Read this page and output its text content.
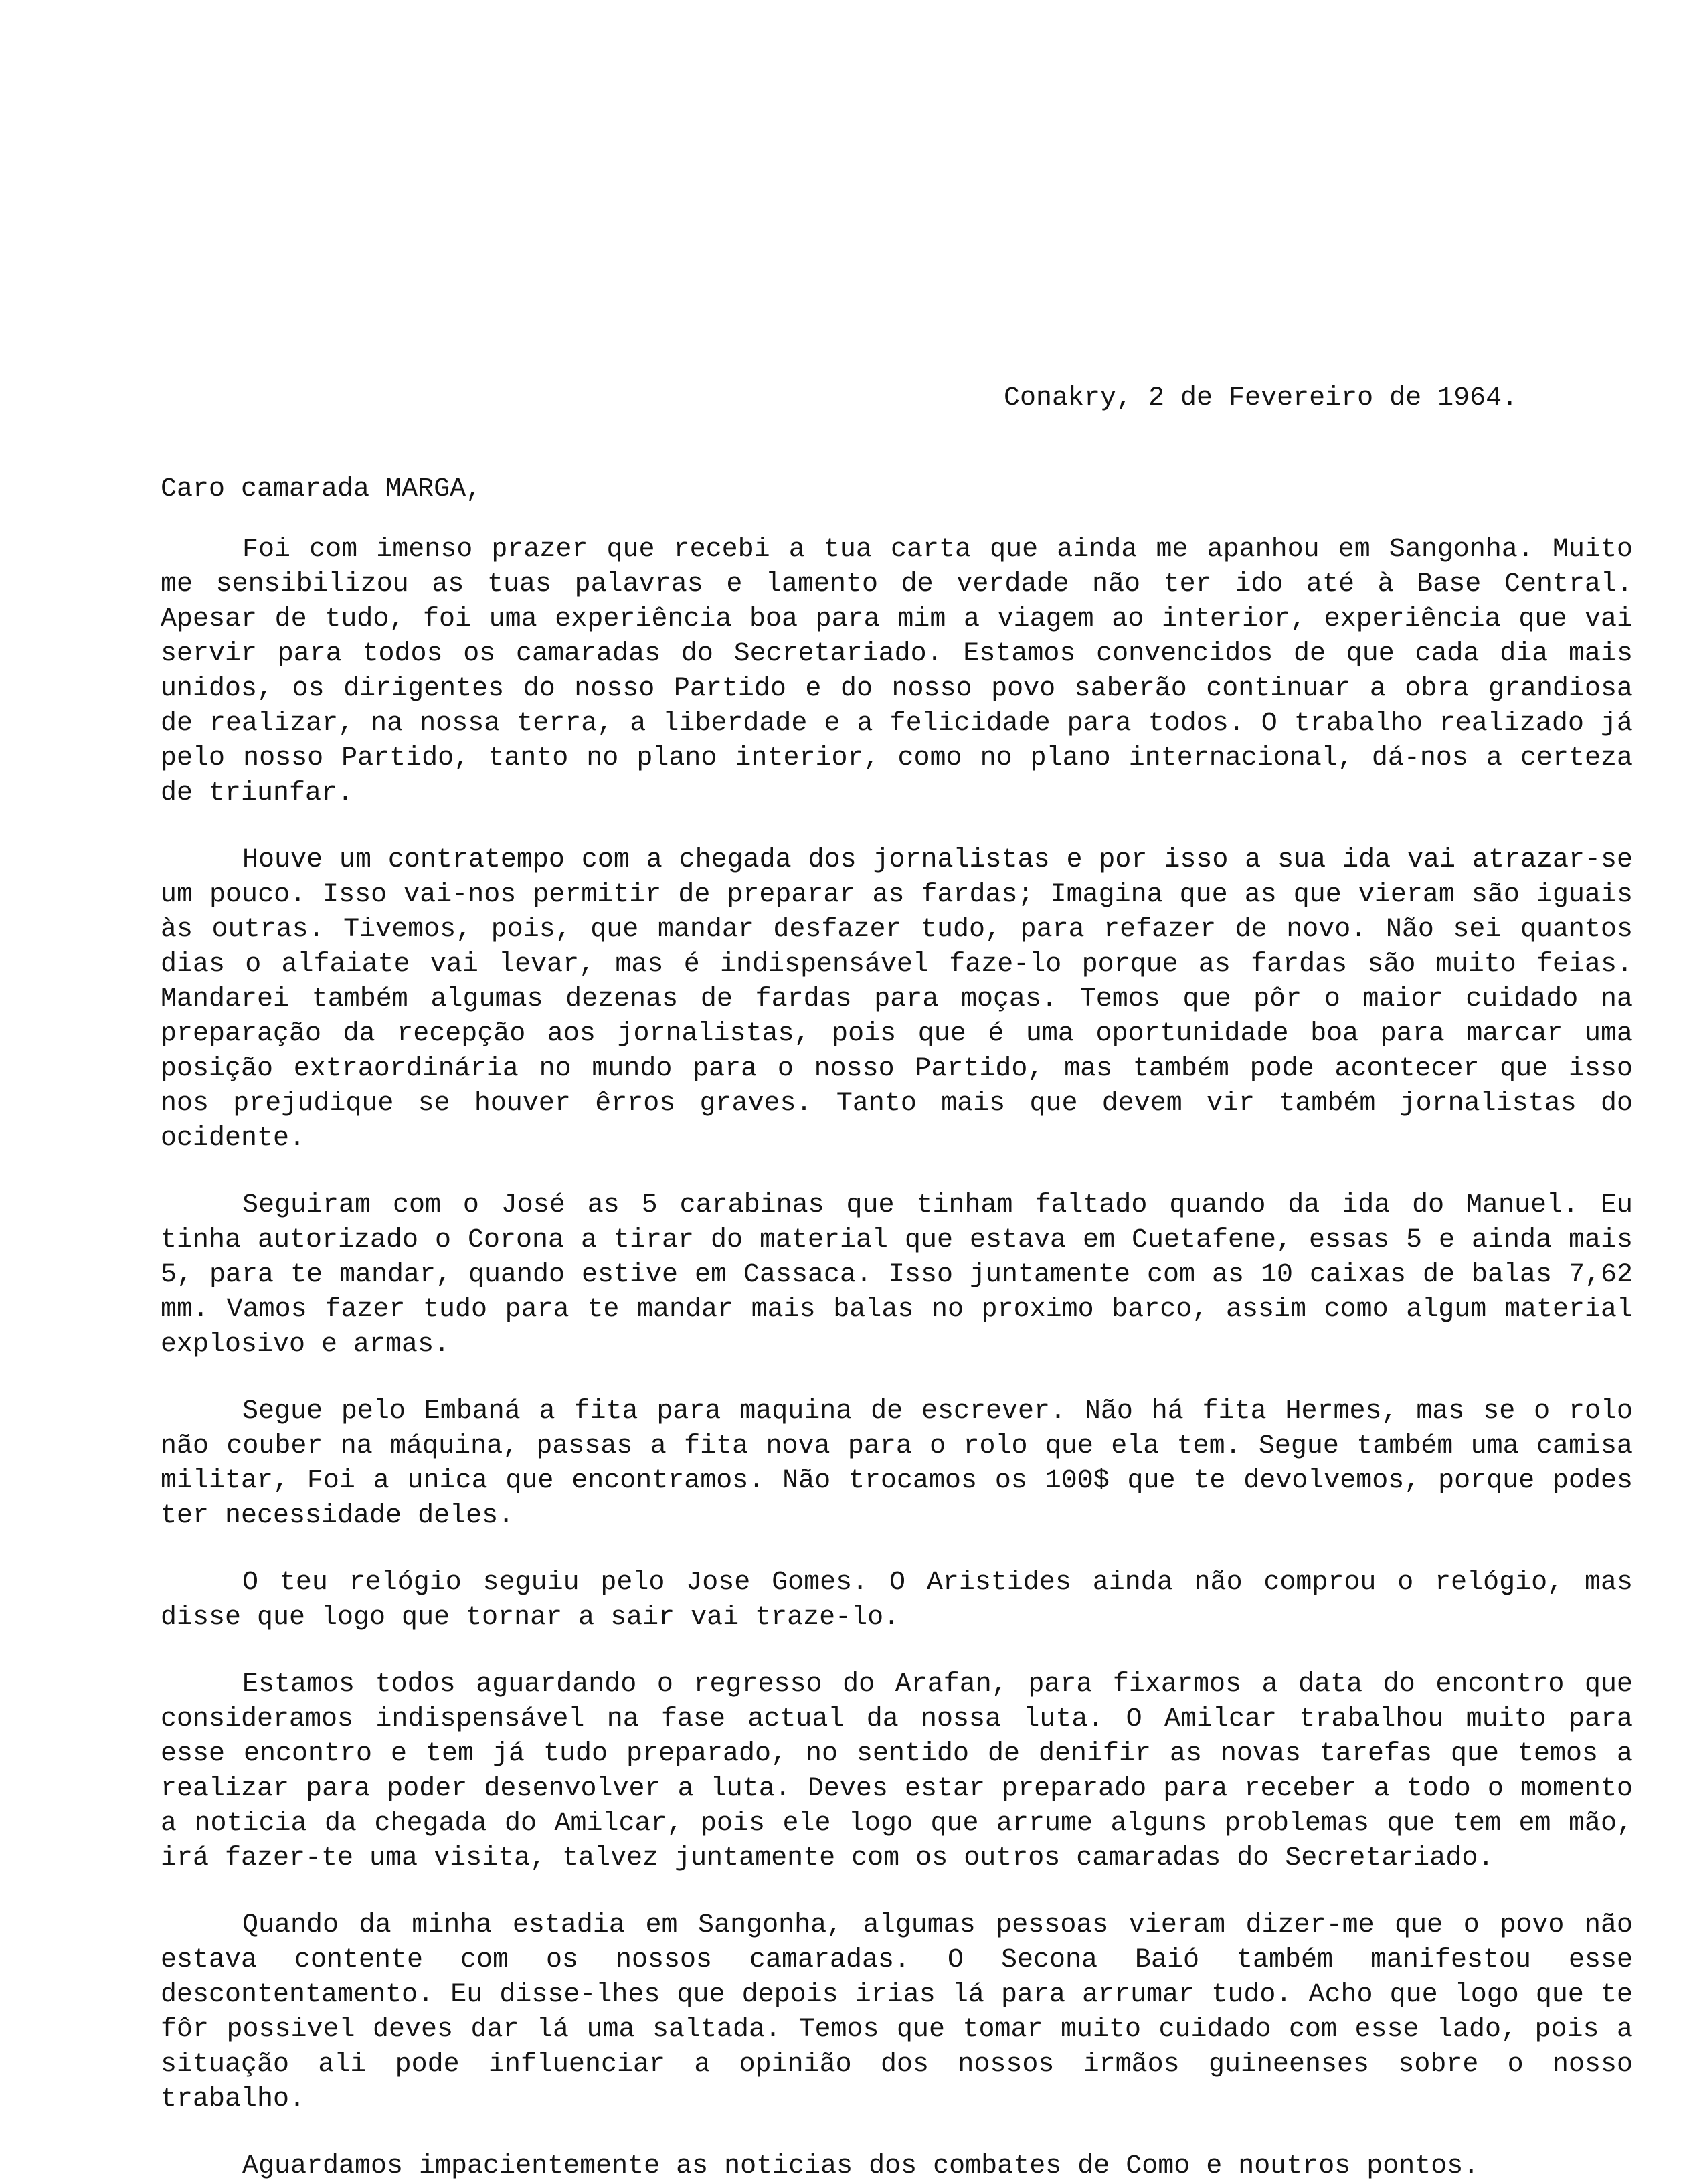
Conakry, 2 de Fevereiro de 1964.
Caro camarada MARGA,

Foi com imenso prazer que recebi a tua carta que ainda me apanhou em Sangonha. Muito me sensibilizou as tuas palavras e lamento de verdade não ter ido até à Base Central. Apesar de tudo, foi uma experiência boa para mim a viagem ao interior, experiência que vai servir para todos os camaradas do Secretariado. Estamos convencidos de que cada dia mais unidos, os dirigentes do nosso Partido e do nosso povo saberão continuar a obra grandiosa de realizar, na nossa terra, a liberdade e a felicidade para todos. O trabalho realizado já pelo nosso Partido, tanto no plano interior, como no plano internacional, dá-nos a certeza de triunfar.

Houve um contratempo com a chegada dos jornalistas e por isso a sua ida vai atrazar-se um pouco. Isso vai-nos permitir de preparar as fardas; Imagina que as que vieram são iguais às outras. Tivemos, pois, que mandar desfazer tudo, para refazer de novo. Não sei quantos dias o alfaiate vai levar, mas é indispensável faze-lo porque as fardas são muito feias. Mandarei também algumas dezenas de fardas para moças. Temos que pôr o maior cuidado na preparação da recepção aos jornalistas, pois que é uma oportunidade boa para marcar uma posição extraordinária no mundo para o nosso Partido, mas também pode acontecer que isso nos prejudique se houver êrros graves. Tanto mais que devem vir também jornalistas do ocidente.

Seguiram com o José as 5 carabinas que tinham faltado quando da ida do Manuel. Eu tinha autorizado o Corona a tirar do material que estava em Cuetafene, essas 5 e ainda mais 5, para te mandar, quando estive em Cassaca. Isso juntamente com as 10 caixas de balas 7,62 mm. Vamos fazer tudo para te mandar mais balas no proximo barco, assim como algum material explosivo e armas.

Segue pelo Embaná a fita para maquina de escrever. Não há fita Hermes, mas se o rolo não couber na máquina, passas a fita nova para o rolo que ela tem. Segue também uma camisa militar, Foi a unica que encontramos. Não trocamos os 100$ que te devolvemos, porque podes ter necessidade deles.

O teu relógio seguiu pelo Jose Gomes. O Aristides ainda não comprou o relógio, mas disse que logo que tornar a sair vai traze-lo.

Estamos todos aguardando o regresso do Arafan, para fixarmos a data do encontro que consideramos indispensável na fase actual da nossa luta. O Amilcar trabalhou muito para esse encontro e tem já tudo preparado, no sentido de denifir as novas tarefas que temos a realizar para poder desenvolver a luta. Deves estar preparado para receber a todo o momento a noticia da chegada do Amilcar, pois ele logo que arrume alguns problemas que tem em mão, irá fazer-te uma visita, talvez juntamente com os outros camaradas do Secretariado.

Quando da minha estadia em Sangonha, algumas pessoas vieram dizer-me que o povo não estava contente com os nossos camaradas. O Secona Baió também manifestou esse descontentamento. Eu disse-lhes que depois irias lá para arrumar tudo. Acho que logo que te fôr possivel deves dar lá uma saltada. Temos que tomar muito cuidado com esse lado, pois a situação ali pode influenciar a opinião dos nossos irmãos guineenses sobre o nosso trabalho.

Aguardamos impacientemente as noticias dos combates de Como e noutros pontos.
